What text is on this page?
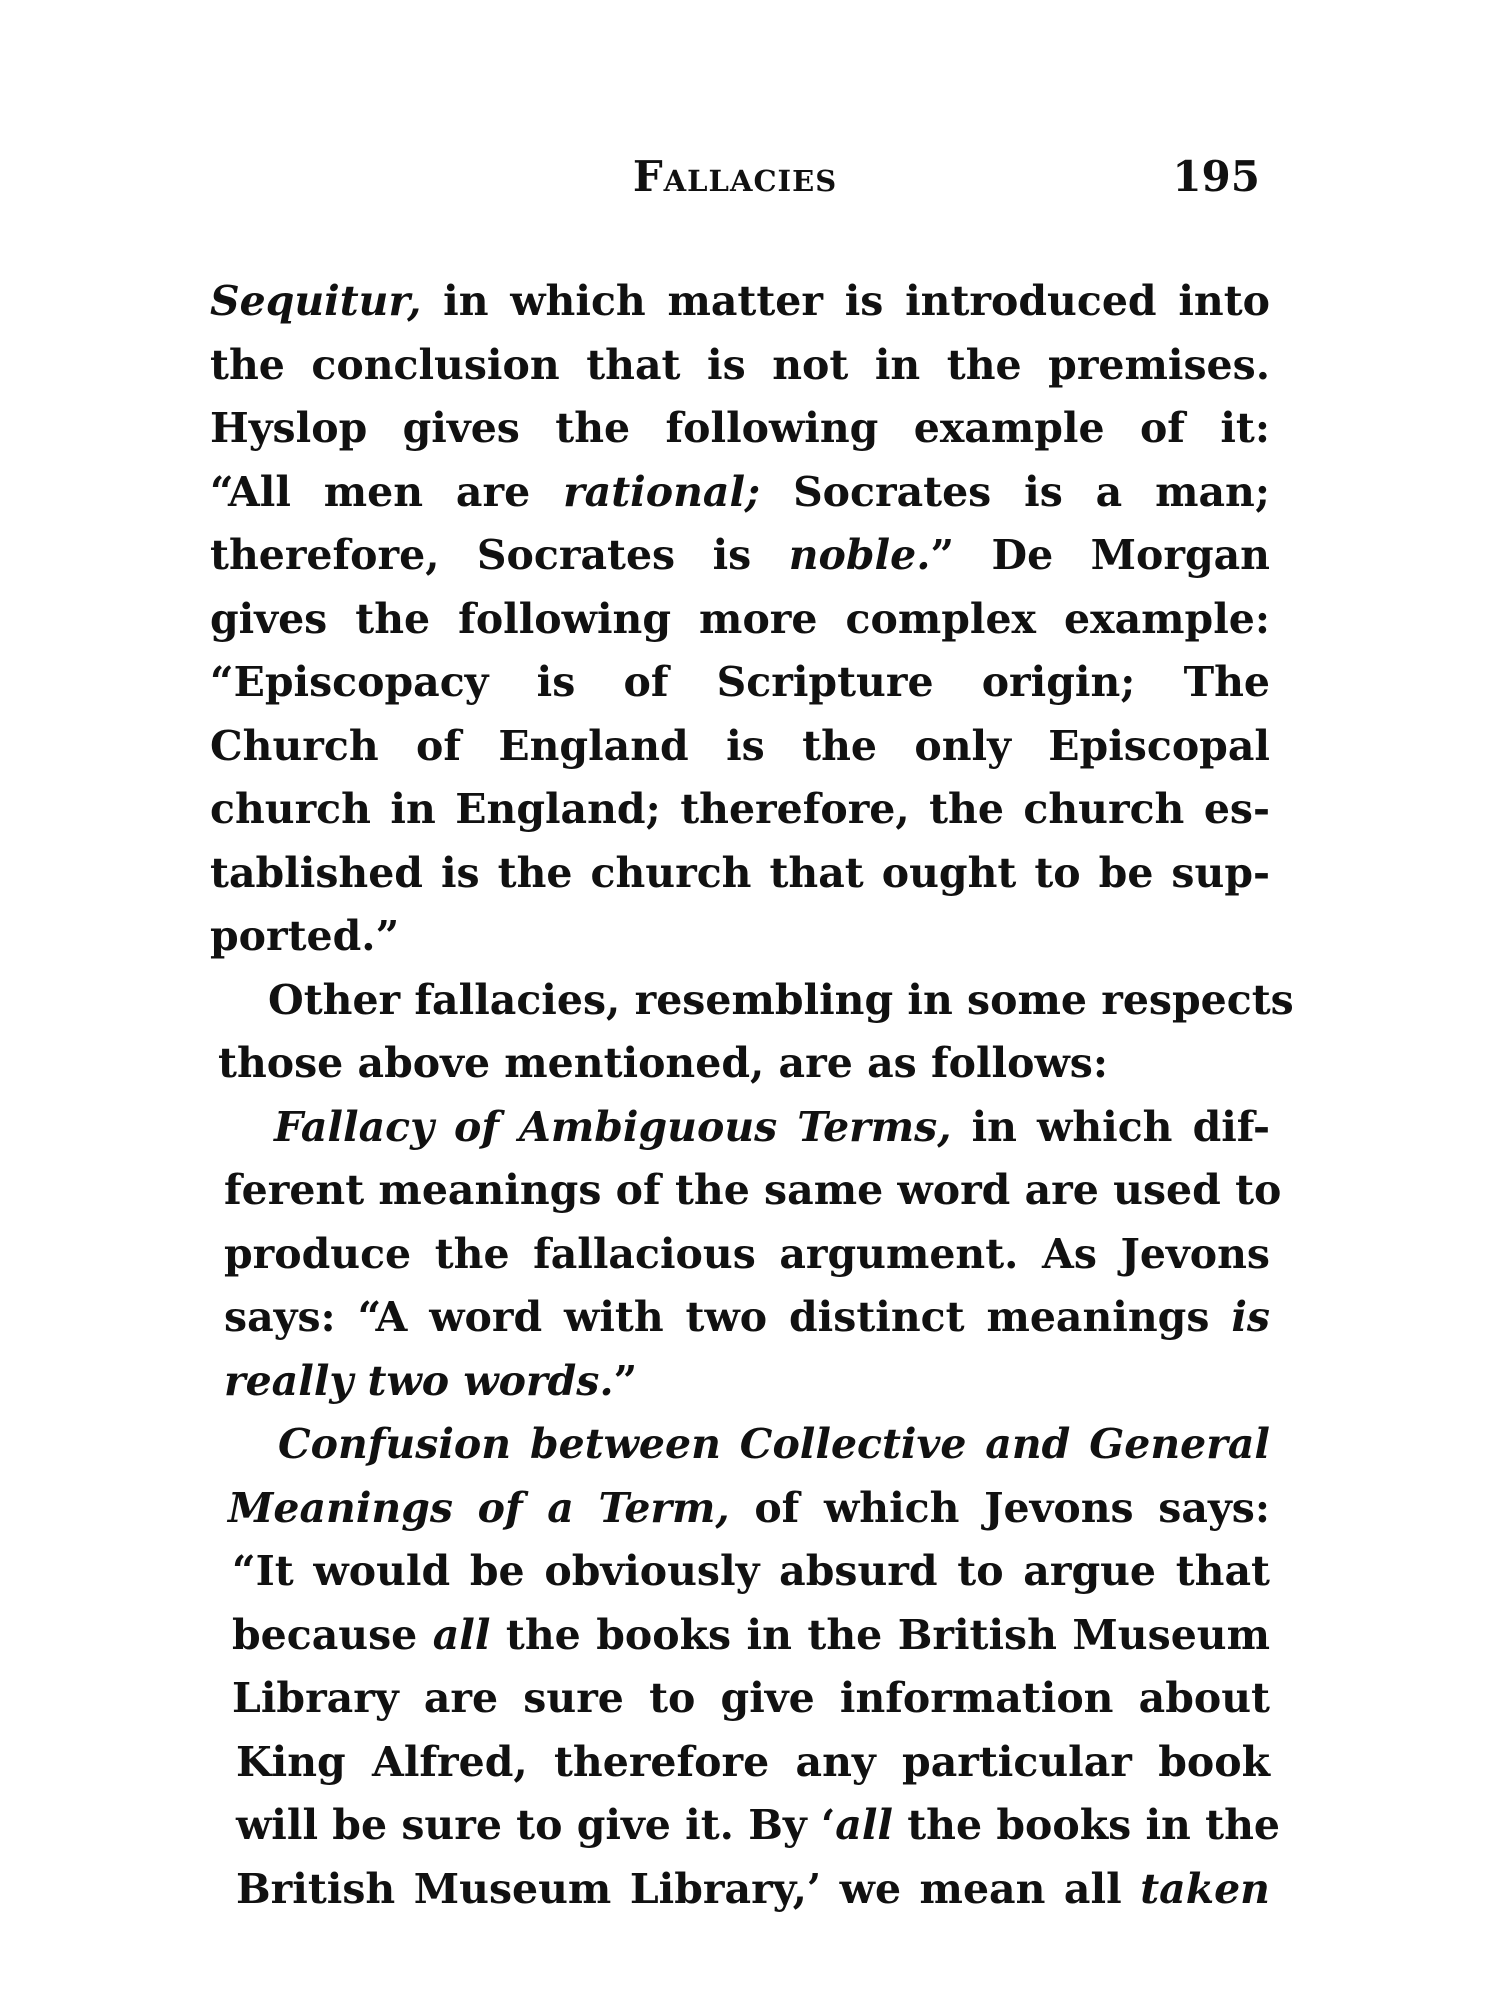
Fallacies	195
Sequitur, in which matter is introduced into
the conclusion that is not in the premises.
Hyslop gives the following example of it:
“All men are rational; Socrates is a man;
therefore, Socrates is noble.” De Morgan
gives the following more complex example:
“Episcopacy is of Scripture origin; The
Church of England is the only Episcopal
church in England; therefore, the church es-
tablished is the church that ought to be sup-
ported.”
Other fallacies, resembling in some respects
those above mentioned, are as follows:
Fallacy of Ambiguous Terms, in which dif-
ferent meanings of the same word are used to
produce the fallacious argument. As Jevons
says: “A word with two distinct meanings is
really two words.”
Confusion between Collective and General
Meanings of a Term, of which Jevons says:
“It would be obviously absurd to argue that
because all the books in the British Museum
Library are sure to give information about
King Alfred, therefore any particular book
will be sure to give it. By ‘all the books in the
British Museum Library,’ we mean all taken
